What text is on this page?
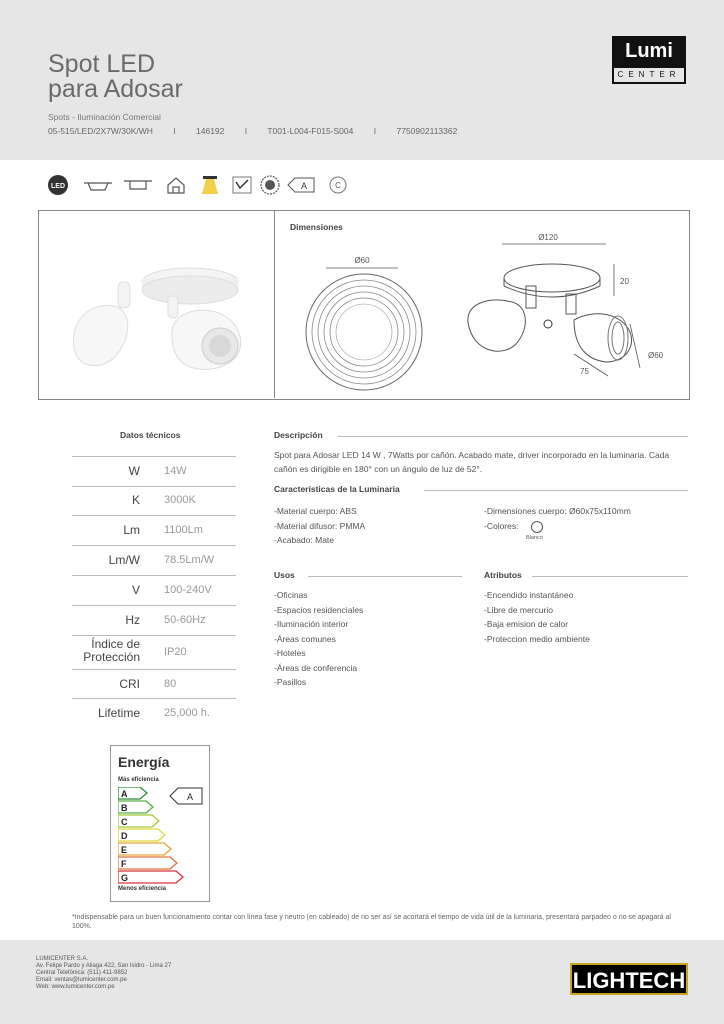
Spot LED
para Adosar
Spots - Iluminación Comercial
05-515/LED/2X7W/30K/WH I 146192 I T001-L004-F015-S004 I 7750902113362
Lumi
CENTER
LED	A	C
Dimensiones
Ø60
Ø120
20
75
Ø60
Datos técnicos
W 14W
K 3000K
Lm 1100Lm
Lm/W 78.5Lm/W
V 100-240V
Hz 50-60Hz
Índice de Protección IP20
CRI 80
Lifetime 25,000 h.
Descripción
Spot para Adosar LED 14 W , 7Watts por cañón. Acabado mate, driver incorporado en la luminaria. Cada cañón es dirigible en 180° con un ángulo de luz de 52°.
Características de la Luminaria
-Material cuerpo: ABS
-Material difusor: PMMA
-Acabado: Mate
-Dimensiones cuerpo: Ø60x75x110mm
-Colores:
Blanco
Usos
-Oficinas
-Espacios residenciales
-Iluminación interior
-Áreas comunes
-Hoteles
-Áreas de conferencia
-Pasillos
Atributos
-Encendido instantáneo
-Libre de mercurio
-Baja emision de calor
-Proteccion medio ambiente
Energía
Más eficiencia
A
B
C
D
E
F
G
A
Menos eficiencia
*Indispensable para un buen funcionamiento contar con línea fase y neutro (en cableado) de no ser así se acortará el tiempo de vida útil de la luminaria, presentará parpadeo o no se apagará al 100%.
LUMICENTER S.A.
Av. Felipe Pardo y Aliaga 422, San Isidro - Lima 27
Central Telefónica: (511) 411-9852
Email: ventas@lumicenter.com.pe
Web: www.lumicenter.com.pe	LIGHTECH
